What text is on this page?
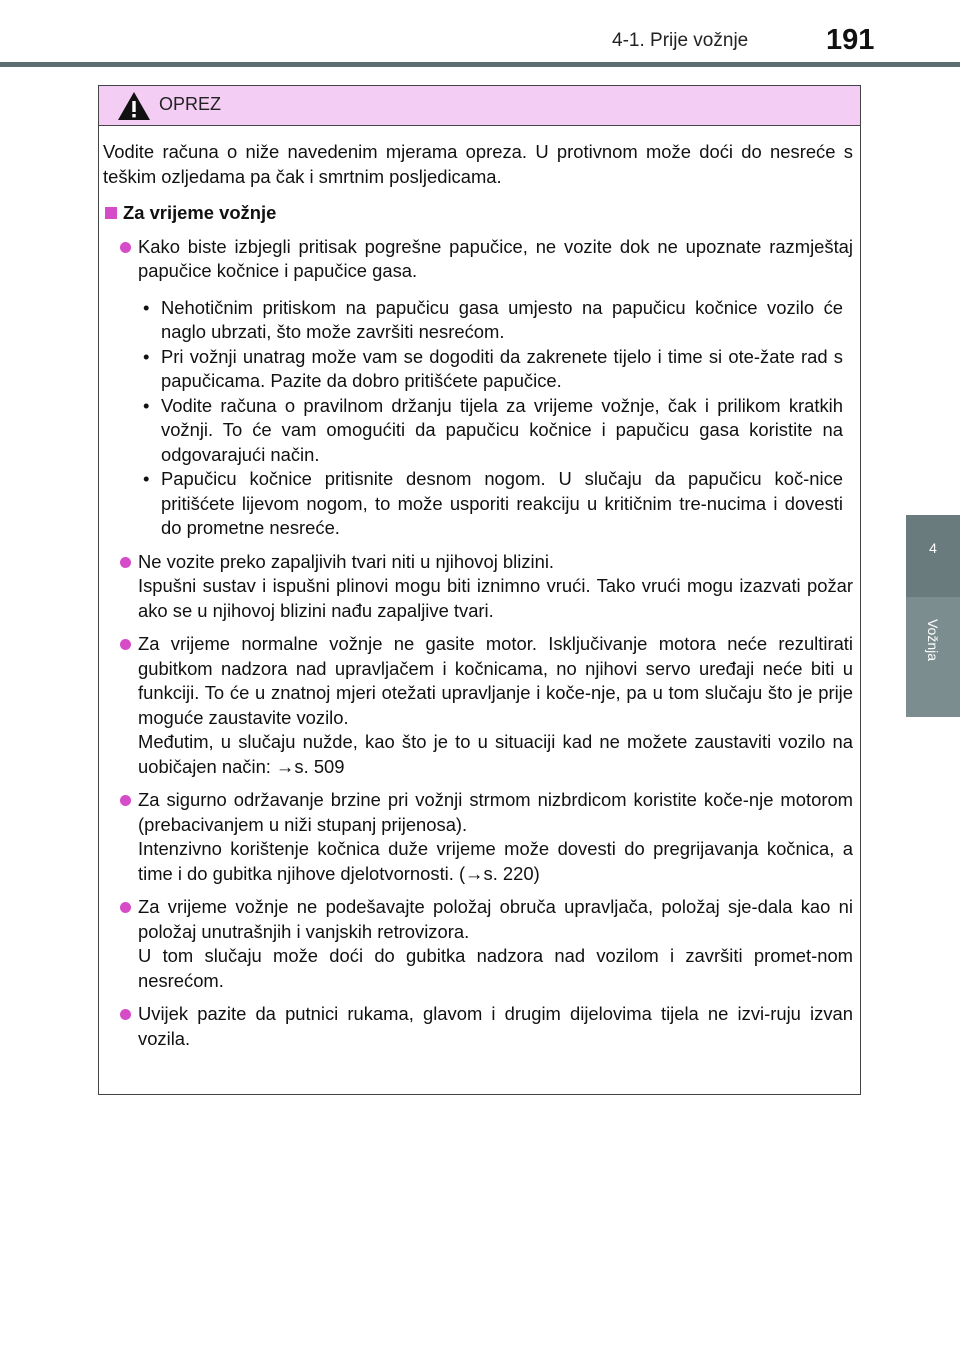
4-1. Prije vožnje	191
4
Vožnja
OPREZ

Vodite računa o niže navedenim mjerama opreza. U protivnom može doći do nesreće s teškim ozljedama pa čak i smrtnim posljedicama.

Za vrijeme vožnje
Kako biste izbjegli pritisak pogrešne papučice, ne vozite dok ne upoznate razmještaj papučice kočnice i papučice gasa.
• Nehotičnim pritiskom na papučicu gasa umjesto na papučicu kočnice vozilo će naglo ubrzati, što može završiti nesrećom.
• Pri vožnji unatrag može vam se dogoditi da zakrenete tijelo i time si ote-žate rad s papučicama. Pazite da dobro pritišćete papučice.
• Vodite računa o pravilnom držanju tijela za vrijeme vožnje, čak i prilikom kratkih vožnji. To će vam omogućiti da papučicu kočnice i papučicu gasa koristite na odgovarajući način.
• Papučicu kočnice pritisnite desnom nogom. U slučaju da papučicu koč-nice pritišćete lijevom nogom, to može usporiti reakciju u kritičnim tre-nucima i dovesti do prometne nesreće.
Ne vozite preko zapaljivih tvari niti u njihovoj blizini.
Ispušni sustav i ispušni plinovi mogu biti iznimno vrući. Tako vrući mogu izazvati požar ako se u njihovoj blizini nađu zapaljive tvari.
Za vrijeme normalne vožnje ne gasite motor. Isključivanje motora neće rezultirati gubitkom nadzora nad upravljačem i kočnicama, no njihovi servo uređaji neće biti u funkciji. To će u znatnoj mjeri otežati upravljanje i koče-nje, pa u tom slučaju što je prije moguće zaustavite vozilo.
Međutim, u slučaju nužde, kao što je to u situaciji kad ne možete zaustaviti vozilo na uobičajen način: →s. 509
Za sigurno održavanje brzine pri vožnji strmom nizbrdicom koristite koče-nje motorom (prebacivanjem u niži stupanj prijenosa).
Intenzivno korištenje kočnica duže vrijeme može dovesti do pregrijavanja kočnica, a time i do gubitka njihove djelotvornosti. (→s. 220)
Za vrijeme vožnje ne podešavajte položaj obruča upravljača, položaj sje-dala kao ni položaj unutrašnjih i vanjskih retrovizora.
U tom slučaju može doći do gubitka nadzora nad vozilom i završiti promet-nom nesrećom.
Uvijek pazite da putnici rukama, glavom i drugim dijelovima tijela ne izvi-ruju izvan vozila.
